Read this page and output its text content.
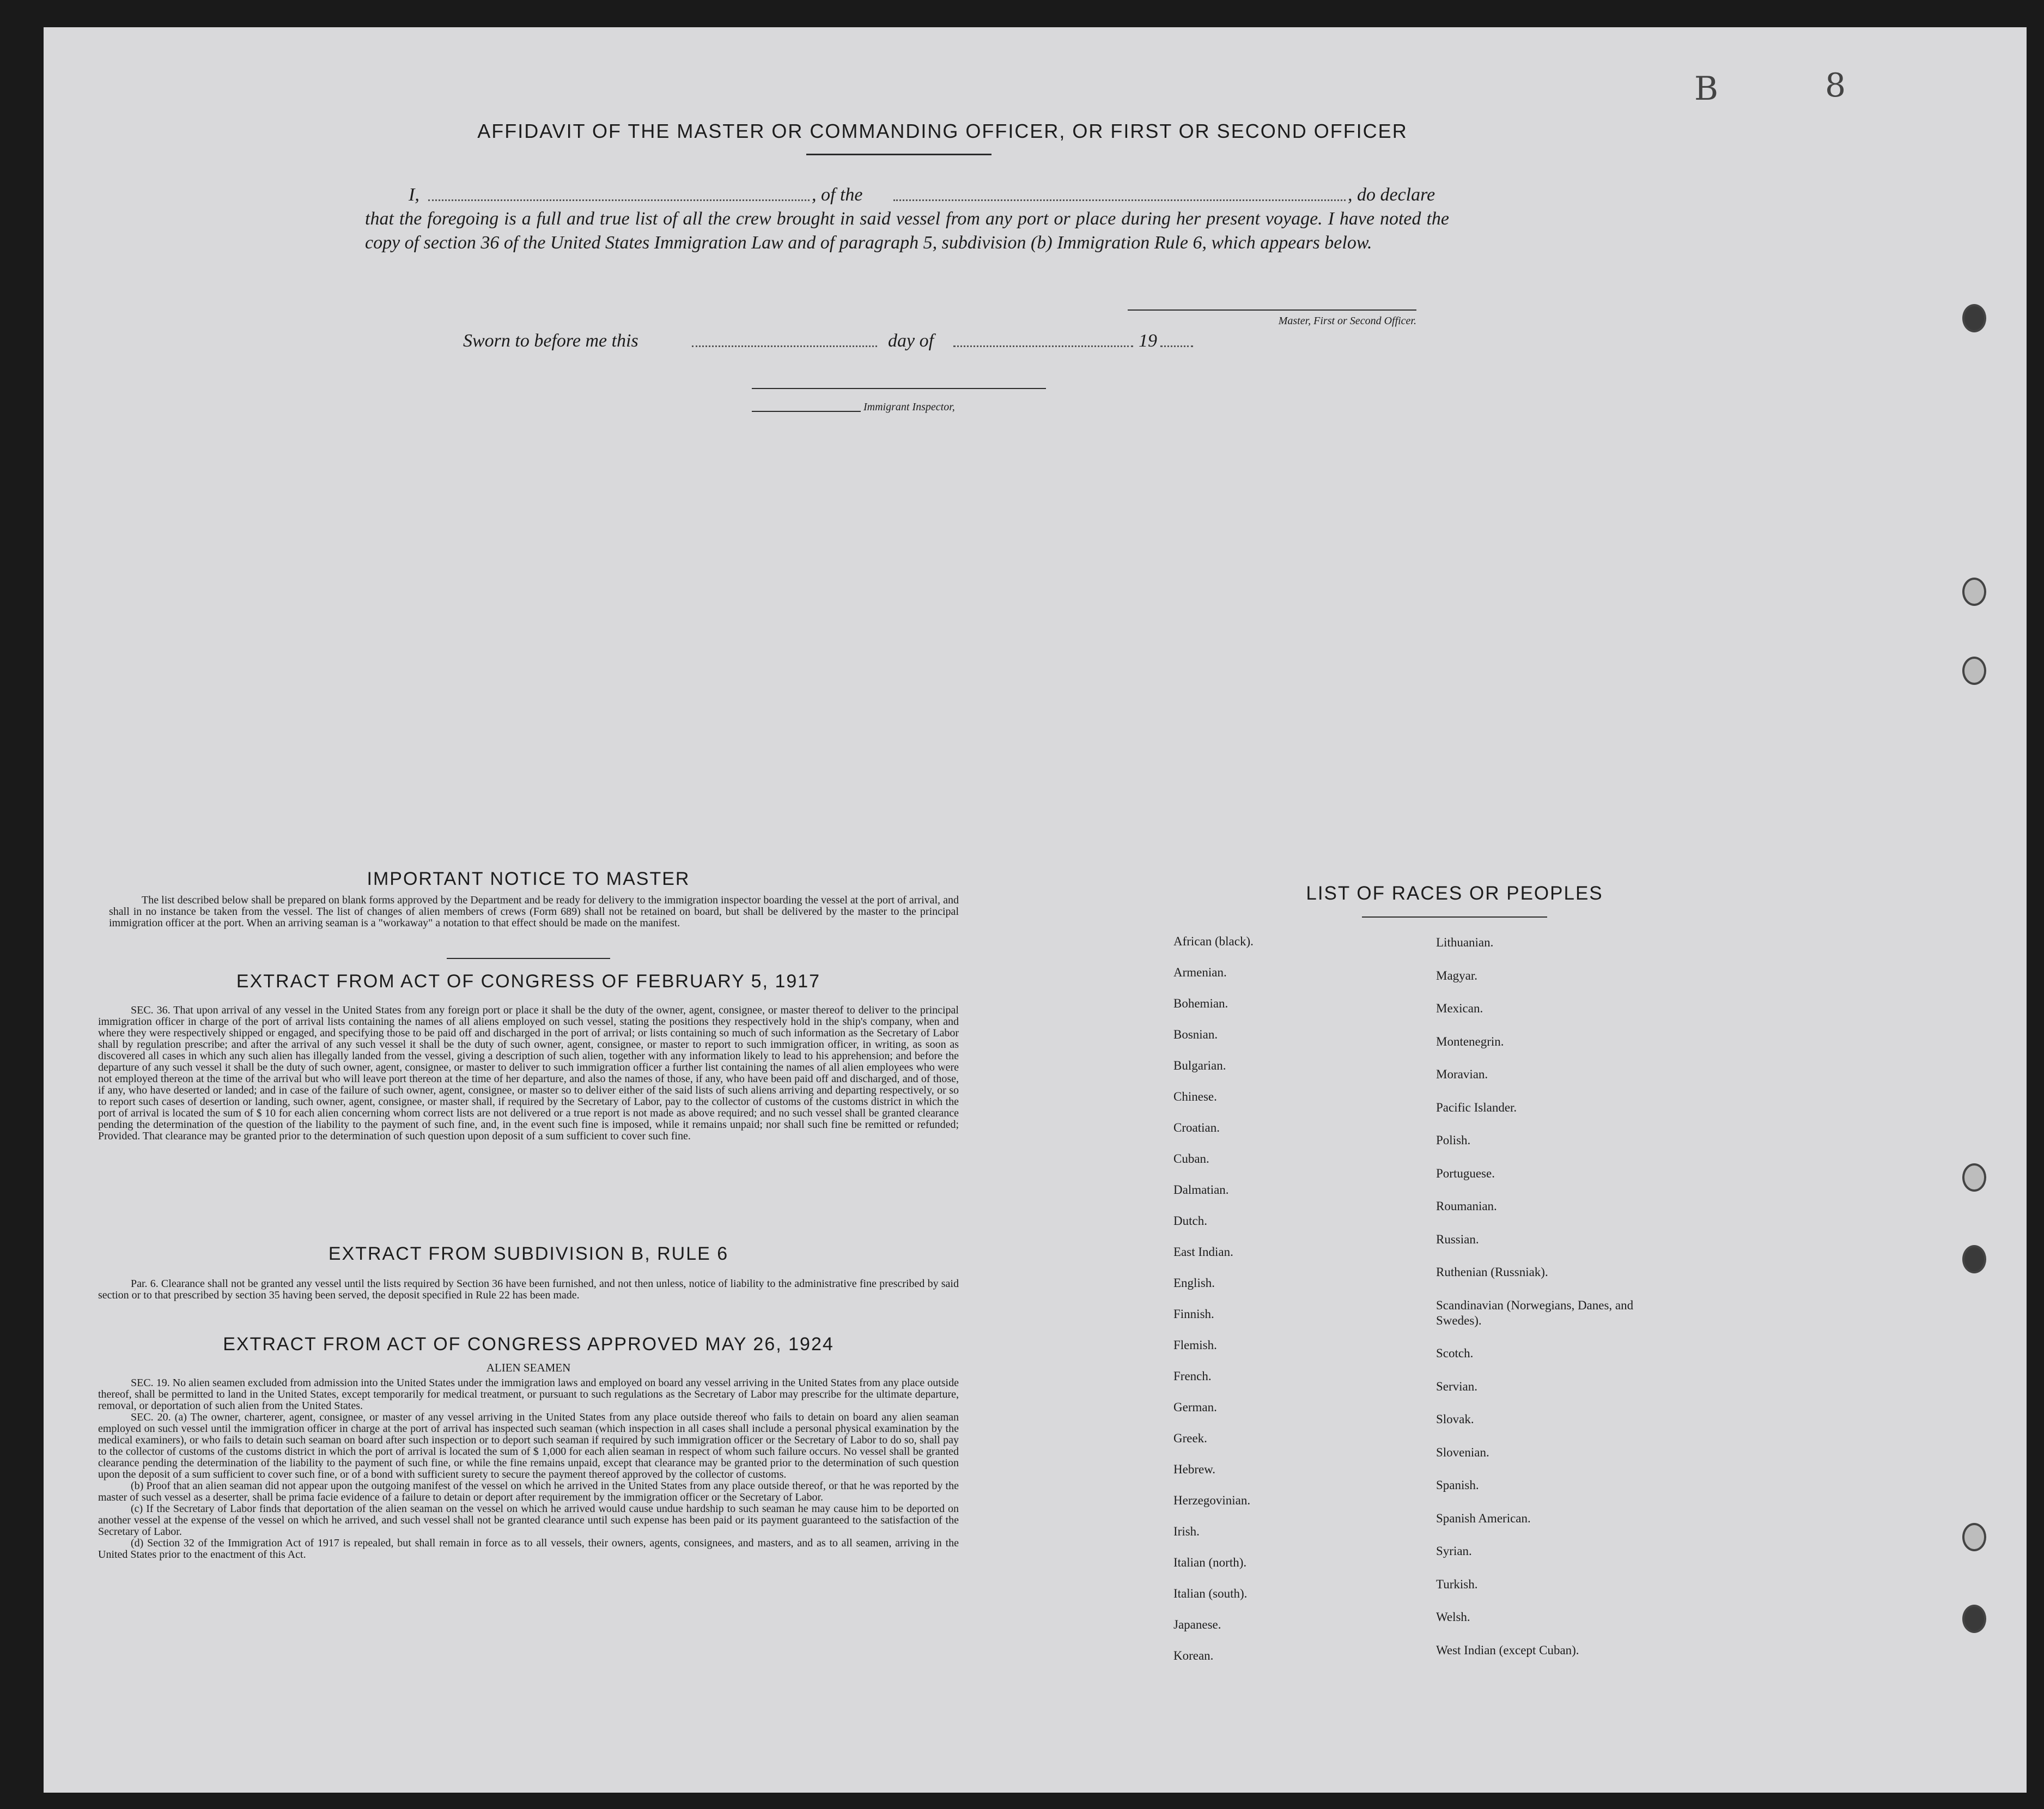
B	8
AFFIDAVIT OF THE MASTER OR COMMANDING OFFICER, OR FIRST OR SECOND OFFICER
I,	, of the	, do declare
that the foregoing is a full and true list of all the crew brought in said vessel from any port or place during her present voyage. I have noted the copy of section 36 of the United States Immigration Law and of paragraph 5, subdivision (b) Immigration Rule 6, which appears below.
Master, First or Second Officer.
Sworn to before me this	day of	19
Immigrant Inspector,
IMPORTANT NOTICE TO MASTER
The list described below shall be prepared on blank forms approved by the Department and be ready for delivery to the immigration inspector boarding the vessel at the port of arrival, and shall in no instance be taken from the vessel. The list of changes of alien members of crews (Form 689) shall not be retained on board, but shall be delivered by the master to the principal immigration officer at the port. When an arriving seaman is a "workaway" a notation to that effect should be made on the manifest.
EXTRACT FROM ACT OF CONGRESS OF FEBRUARY 5, 1917
SEC. 36. That upon arrival of any vessel in the United States from any foreign port or place it shall be the duty of the owner, agent, consignee, or master thereof to deliver to the principal immigration officer in charge of the port of arrival lists containing the names of all aliens employed on such vessel, stating the positions they respectively hold in the ship's company, when and where they were respectively shipped or engaged, and specifying those to be paid off and discharged in the port of arrival; or lists containing so much of such information as the Secretary of Labor shall by regulation prescribe; and after the arrival of any such vessel it shall be the duty of such owner, agent, consignee, or master to report to such immigration officer, in writing, as soon as discovered all cases in which any such alien has illegally landed from the vessel, giving a description of such alien, together with any information likely to lead to his apprehension; and before the departure of any such vessel it shall be the duty of such owner, agent, consignee, or master to deliver to such immigration officer a further list containing the names of all alien employees who were not employed thereon at the time of the arrival but who will leave port thereon at the time of her departure, and also the names of those, if any, who have been paid off and discharged, and of those, if any, who have deserted or landed; and in case of the failure of such owner, agent, consignee, or master so to deliver either of the said lists of such aliens arriving and departing respectively, or so to report such cases of desertion or landing, such owner, agent, consignee, or master shall, if required by the Secretary of Labor, pay to the collector of customs of the customs district in which the port of arrival is located the sum of $ 10 for each alien concerning whom correct lists are not delivered or a true report is not made as above required; and no such vessel shall be granted clearance pending the determination of the question of the liability to the payment of such fine, and, in the event such fine is imposed, while it remains unpaid; nor shall such fine be remitted or refunded; Provided. That clearance may be granted prior to the determination of such question upon deposit of a sum sufficient to cover such fine.
EXTRACT FROM SUBDIVISION B, RULE 6
Par. 6. Clearance shall not be granted any vessel until the lists required by Section 36 have been furnished, and not then unless, notice of liability to the administrative fine prescribed by said section or to that prescribed by section 35 having been served, the deposit specified in Rule 22 has been made.
EXTRACT FROM ACT OF CONGRESS APPROVED MAY 26, 1924
ALIEN SEAMEN
SEC. 19. No alien seamen excluded from admission into the United States under the immigration laws and employed on board any vessel arriving in the United States from any place outside thereof, shall be permitted to land in the United States, except temporarily for medical treatment, or pursuant to such regulations as the Secretary of Labor may prescribe for the ultimate departure, removal, or deportation of such alien from the United States.
SEC. 20. (a) The owner, charterer, agent, consignee, or master of any vessel arriving in the United States from any place outside thereof who fails to detain on board any alien seaman employed on such vessel until the immigration officer in charge at the port of arrival has inspected such seaman (which inspection in all cases shall include a personal physical examination by the medical examiners), or who fails to detain such seaman on board after such inspection or to deport such seaman if required by such immigration officer or the Secretary of Labor to do so, shall pay to the collector of customs of the customs district in which the port of arrival is located the sum of $ 1,000 for each alien seaman in respect of whom such failure occurs. No vessel shall be granted clearance pending the determination of the liability to the payment of such fine, or while the fine remains unpaid, except that clearance may be granted prior to the determination of such question upon the deposit of a sum sufficient to cover such fine, or of a bond with sufficient surety to secure the payment thereof approved by the collector of customs.
(b) Proof that an alien seaman did not appear upon the outgoing manifest of the vessel on which he arrived in the United States from any place outside thereof, or that he was reported by the master of such vessel as a deserter, shall be prima facie evidence of a failure to detain or deport after requirement by the immigration officer or the Secretary of Labor.
(c) If the Secretary of Labor finds that deportation of the alien seaman on the vessel on which he arrived would cause undue hardship to such seaman he may cause him to be deported on another vessel at the expense of the vessel on which he arrived, and such vessel shall not be granted clearance until such expense has been paid or its payment guaranteed to the satisfaction of the Secretary of Labor.
(d) Section 32 of the Immigration Act of 1917 is repealed, but shall remain in force as to all vessels, their owners, agents, consignees, and masters, and as to all seamen, arriving in the United States prior to the enactment of this Act.
LIST OF RACES OR PEOPLES
African (black).
Armenian.
Bohemian.
Bosnian.
Bulgarian.
Chinese.
Croatian.
Cuban.
Dalmatian.
Dutch.
East Indian.
English.
Finnish.
Flemish.
French.
German.
Greek.
Hebrew.
Herzegovinian.
Irish.
Italian (north).
Italian (south).
Japanese.
Korean.
Lithuanian.
Magyar.
Mexican.
Montenegrin.
Moravian.
Pacific Islander.
Polish.
Portuguese.
Roumanian.
Russian.
Ruthenian (Russniak).
Scandinavian (Norwegians, Danes, and Swedes).
Scotch.
Servian.
Slovak.
Slovenian.
Spanish.
Spanish American.
Syrian.
Turkish.
Welsh.
West Indian (except Cuban).
